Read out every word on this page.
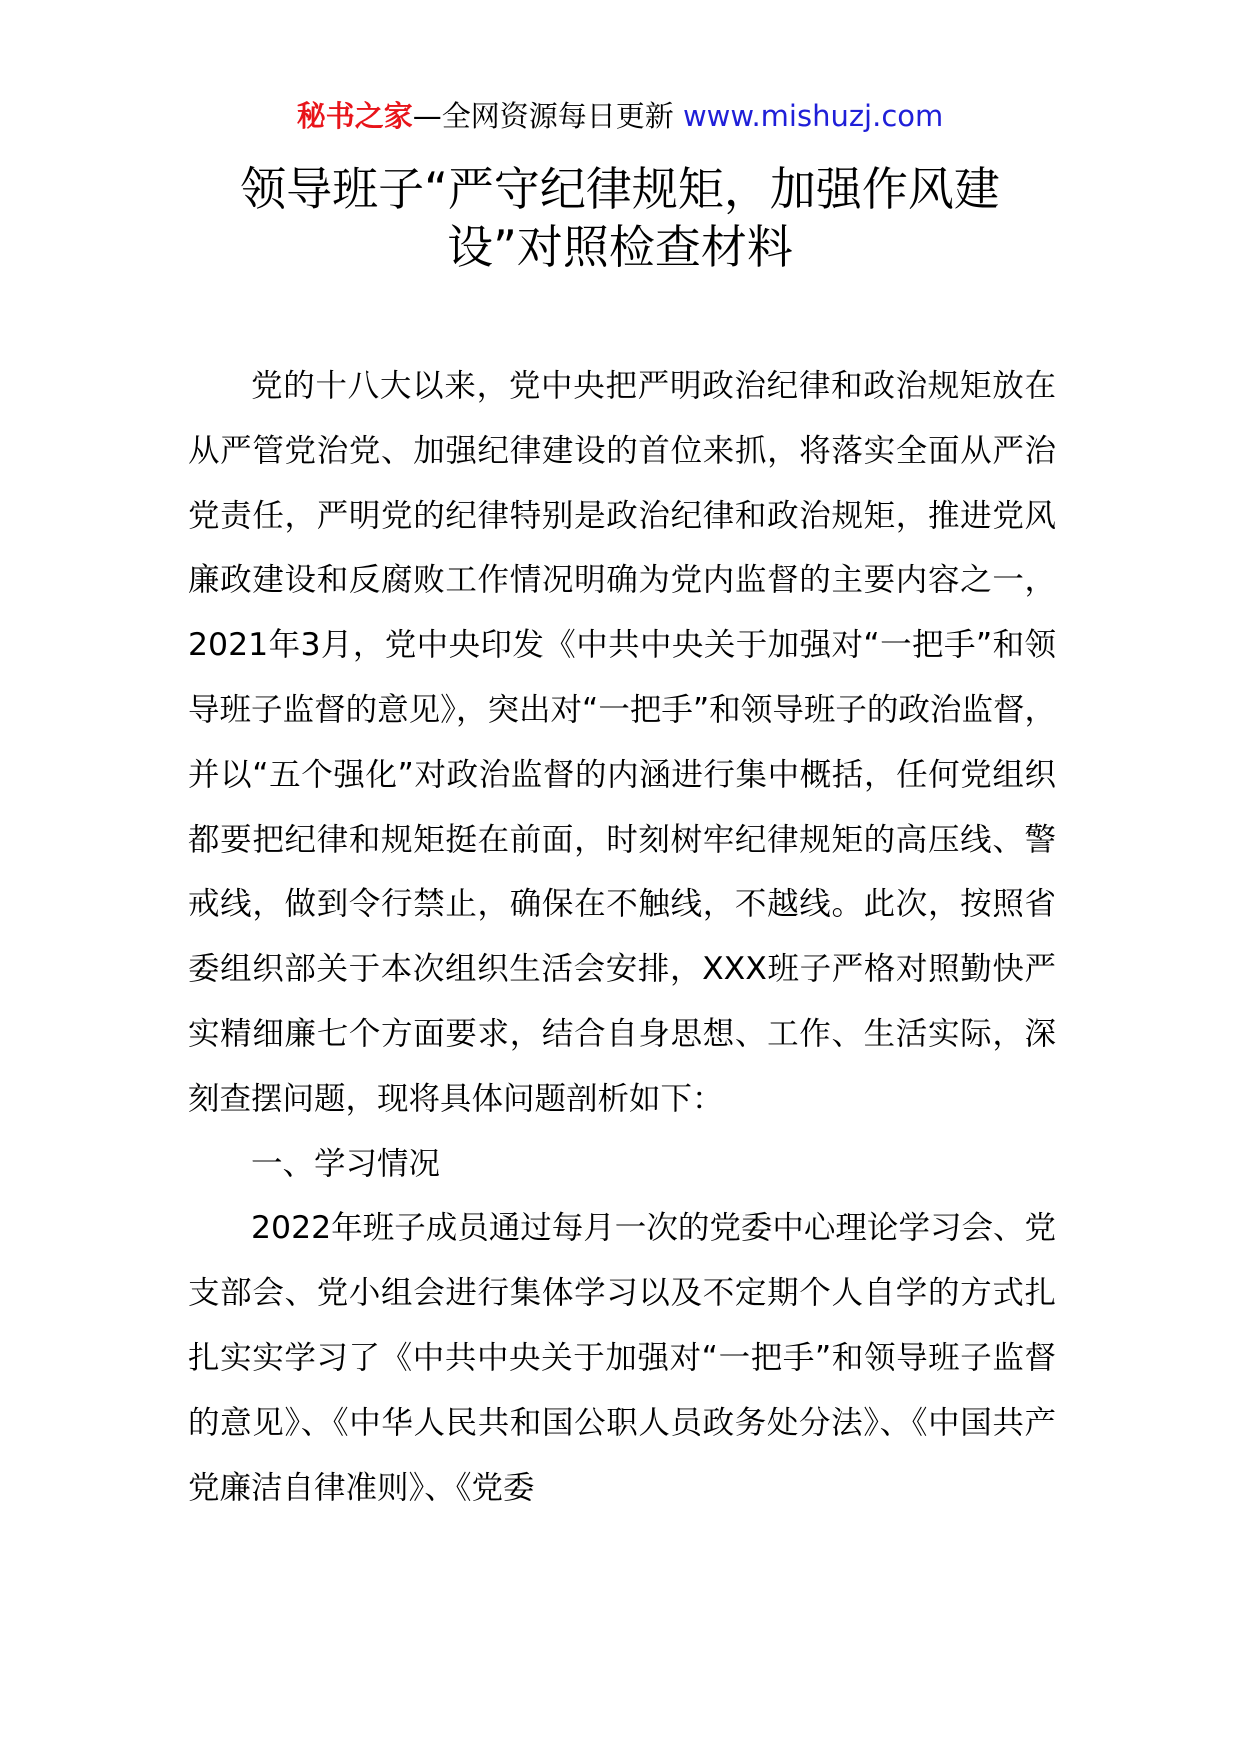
秘书之家—全网资源每日更新 www.mishuzj.com
领导班子“严守纪律规矩，加强作风建
设”对照检查材料

党的十八大以来，党中央把严明政治纪律和政治规矩放在从严管党治党、加强纪律建设的首位来抓，将落实全面从严治党责任，严明党的纪律特别是政治纪律和政治规矩，推进党风廉政建设和反腐败工作情况明确为党内监督的主要内容之一，2021年3月，党中央印发《中共中央关于加强对“一把手”和领导班子监督的意见》，突出对“一把手”和领导班子的政治监督，并以“五个强化”对政治监督的内涵进行集中概括，任何党组织都要把纪律和规矩挺在前面，时刻树牢纪律规矩的高压线、警戒线，做到令行禁止，确保在不触线，不越线。此次，按照省委组织部关于本次组织生活会安排，XXX班子严格对照勤快严实精细廉七个方面要求，结合自身思想、工作、生活实际，深刻查摆问题，现将具体问题剖析如下：

一、学习情况

2022年班子成员通过每月一次的党委中心理论学习会、党支部会、党小组会进行集体学习以及不定期个人自学的方式扎扎实实学习了《中共中央关于加强对“一把手”和领导班子监督的意见》、《中华人民共和国公职人员政务处分法》、《中国共产党廉洁自律准则》、《党委
